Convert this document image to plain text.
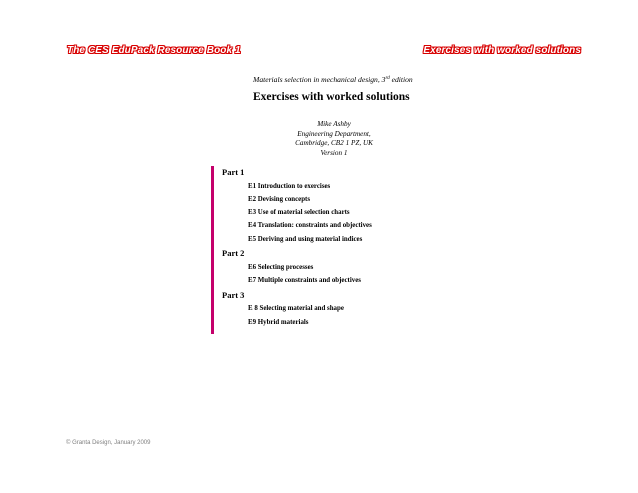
The CES EduPack Resource Book 1	Exercises with worked solutions
Materials selection in mechanical design, 3rd edition
Exercises with worked solutions
Mike Ashby
Engineering Department,
Cambridge, CB2 1 PZ, UK
Version 1
Part 1
E1 Introduction to exercises
E2 Devising concepts
E3 Use of material selection charts
E4 Translation: constraints and objectives
E5 Deriving and using material indices
Part 2
E6 Selecting processes
E7 Multiple constraints and objectives
Part 3
E 8 Selecting material and shape
E9 Hybrid materials
© Granta Design, January 2009
